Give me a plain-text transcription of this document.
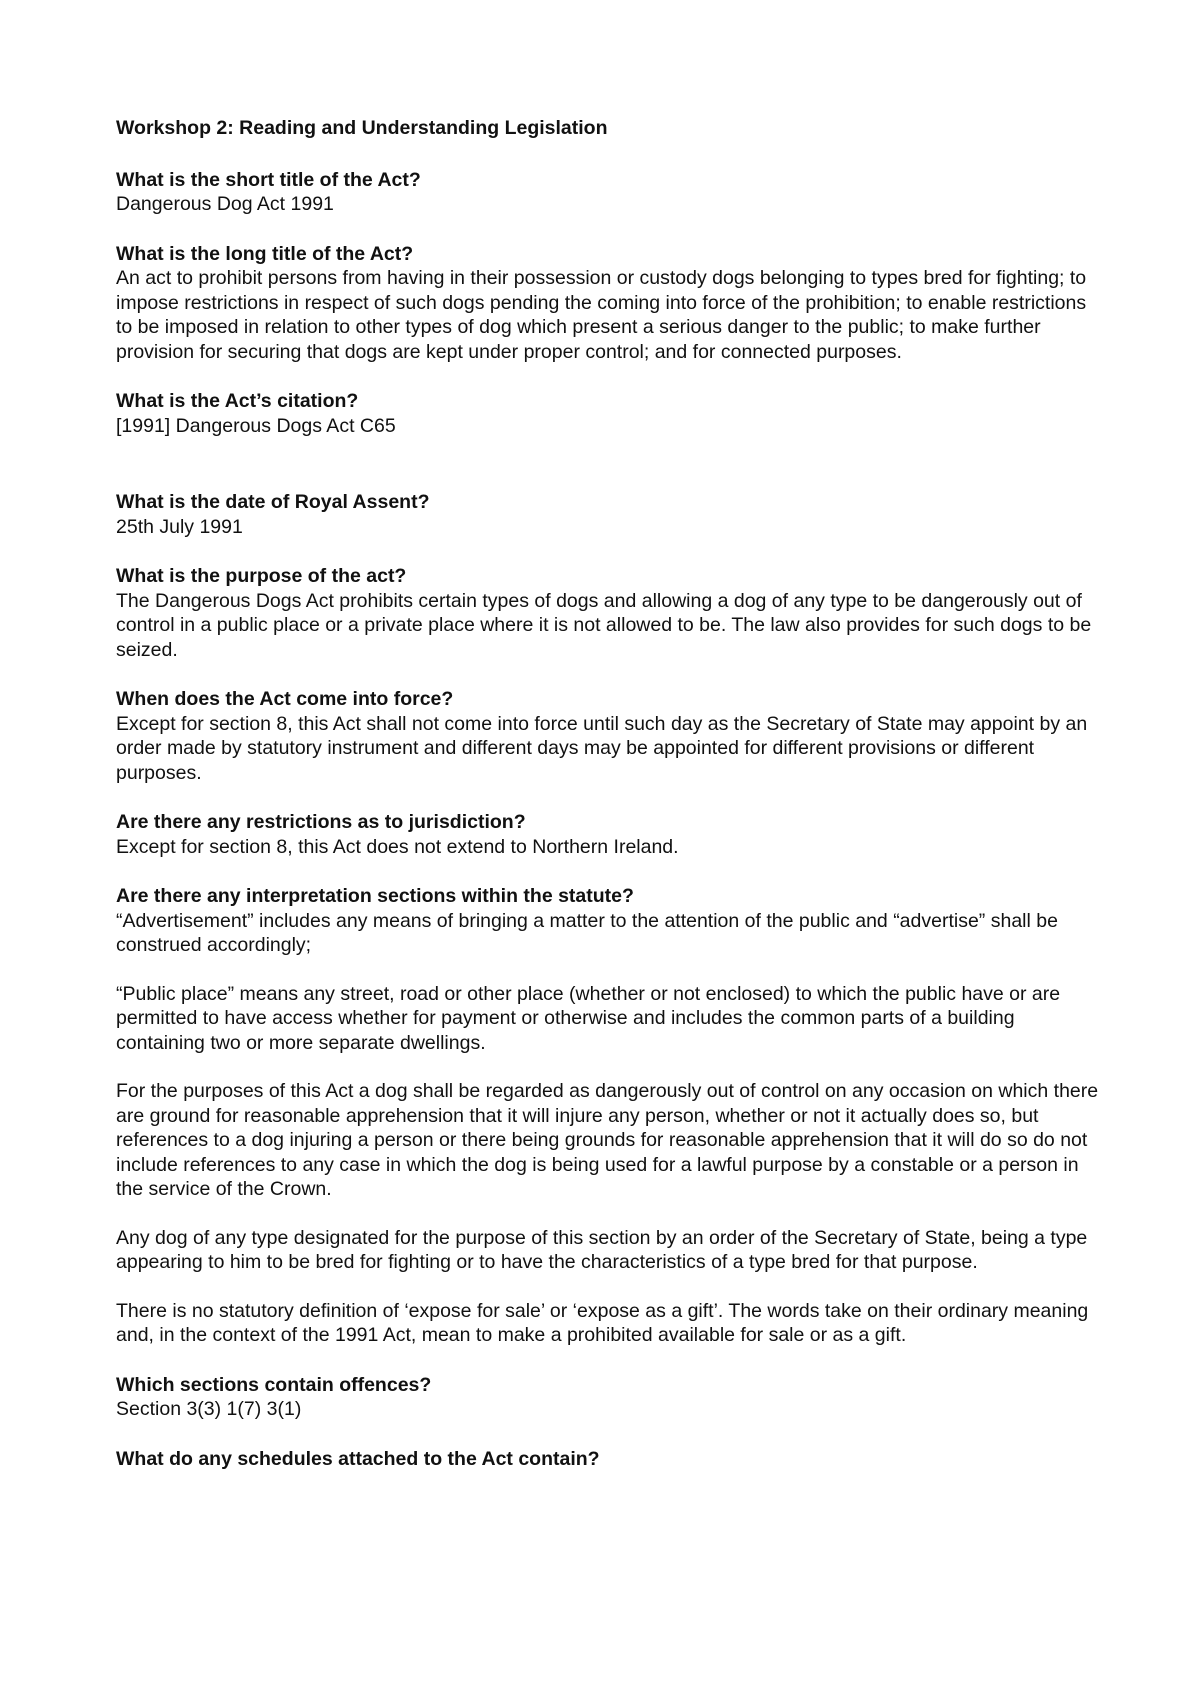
Workshop 2: Reading and Understanding Legislation

What is the short title of the Act?

Dangerous Dog Act 1991

What is the long title of the Act?

An act to prohibit persons from having in their possession or custody dogs belonging to types bred for fighting; to impose restrictions in respect of such dogs pending the coming into force of the prohibition; to enable restrictions to be imposed in relation to other types of dog which present a serious danger to the public; to make further provision for securing that dogs are kept under proper control; and for connected purposes.

What is the Act’s citation?

[1991] Dangerous Dogs Act C65

What is the date of Royal Assent?

25th July 1991

What is the purpose of the act?

The Dangerous Dogs Act prohibits certain types of dogs and allowing a dog of any type to be dangerously out of control in a public place or a private place where it is not allowed to be. The law also provides for such dogs to be seized.

When does the Act come into force?

Except for section 8, this Act shall not come into force until such day as the Secretary of State may appoint by an order made by statutory instrument and different days may be appointed for different provisions or different purposes.

Are there any restrictions as to jurisdiction?

Except for section 8, this Act does not extend to Northern Ireland.

Are there any interpretation sections within the statute?

“Advertisement” includes any means of bringing a matter to the attention of the public and “advertise” shall be construed accordingly;

“Public place” means any street, road or other place (whether or not enclosed) to which the public have or are permitted to have access whether for payment or otherwise and includes the common parts of a building containing two or more separate dwellings.

For the purposes of this Act a dog shall be regarded as dangerously out of control on any occasion on which there are ground for reasonable apprehension that it will injure any person, whether or not it actually does so, but references to a dog injuring a person or there being grounds for reasonable apprehension that it will do so do not include references to any case in which the dog is being used for a lawful purpose by a constable or a person in the service of the Crown.

Any dog of any type designated for the purpose of this section by an order of the Secretary of State, being a type appearing to him to be bred for fighting or to have the characteristics of a type bred for that purpose.

There is no statutory definition of ‘expose for sale’ or ‘expose as a gift’. The words take on their ordinary meaning and, in the context of the 1991 Act, mean to make a prohibited available for sale or as a gift.

Which sections contain offences?

Section 3(3) 1(7) 3(1)

What do any schedules attached to the Act contain?
